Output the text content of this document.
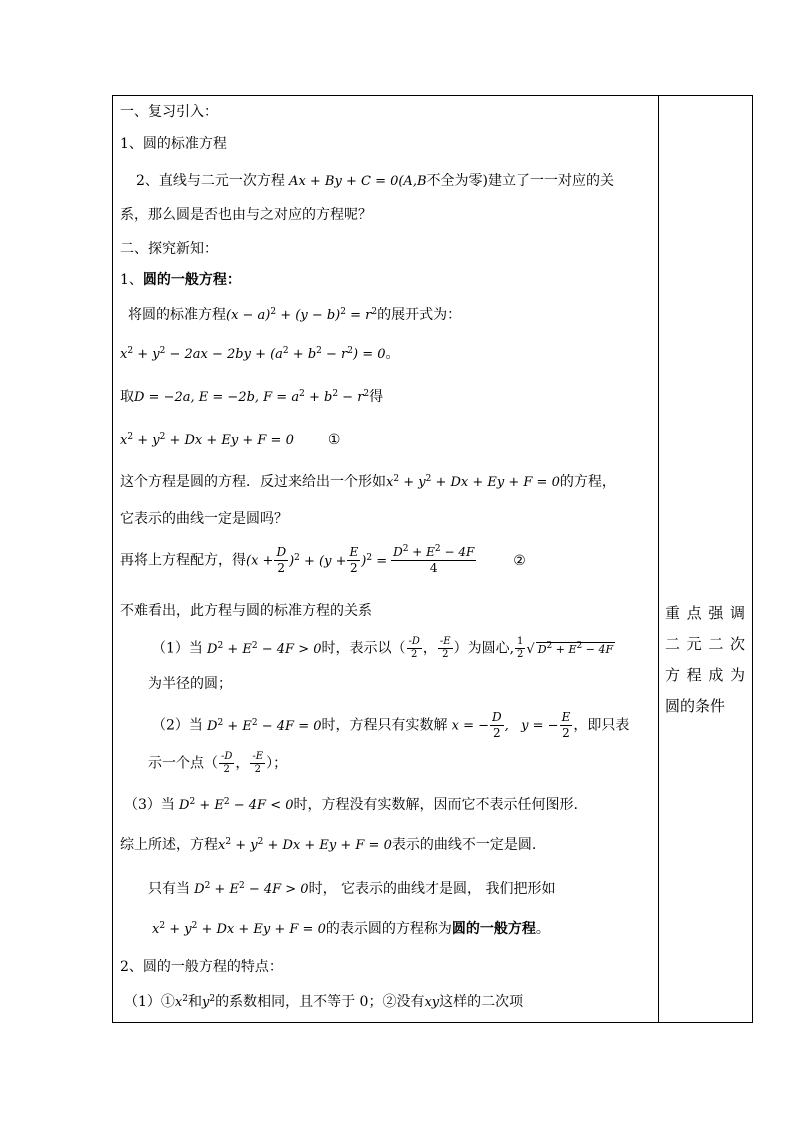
一、复习引入：
1、圆的标准方程
2、直线与二元一次方程 Ax + By + C = 0(A,B不全为零)建立了一一对应的关
系，那么圆是否也由与之对应的方程呢？
二、探究新知：
1、圆的一般方程：
将圆的标准方程$(x - a)^2 + (y - b)^2 = r^2$的展开式为：
$x^2 + y^2 - 2ax - 2by + (a^2 + b^2 - r^2) = 0$。
取D = −2a, E = −2b, $F = a^2 + b^2 - r^2$得
$x^2 + y^2 + Dx + Ey + F = 0$ ①
这个方程是圆的方程．反过来给出一个形如$x^2 + y^2 + Dx + Ey + F = 0$的方程，
它表示的曲线一定是圆吗？
再将上方程配方，得$(x + \frac{D}{2} )^2 + (y + \frac{E}{2} )^2 = \frac{D^2 + E^2 - 4F}{4}$	②
不难看出，此方程与圆的标准方程的关系
（1）当 $D^2 + E^2 - 4F > 0$时，表示以（ $\frac{-D}{2}$ ， $\frac{-E}{2}$ ）为圆心, $\frac{1}{2}$ √ $D^2 + E^2 - 4F$
为半径的圆；
（2）当 $D^2 + E^2 - 4F = 0$时，方程只有实数解 x = − $\frac{D}{2}$ ,   y = − $\frac{E}{2}$ ，即只表
示一个点（ $\frac{-D}{2}$ ， $\frac{-E}{2}$ ）；
（3）当 $D^2 + E^2 - 4F < 0$时，方程没有实数解，因而它不表示任何图形.
综上所述，方程$x^2 + y^2 + Dx + Ey + F = 0$表示的曲线不一定是圆.
只有当 $D^2 + E^2 - 4F > 0$时， 它表示的曲线才是圆， 我们把形如
$x^2 + y^2 + Dx + Ey + F = 0$的表示圆的方程称为圆的一般方程。
2、圆的一般方程的特点：
$(1)①x^2$和$y^2$的系数相同，且不等于 0；②没有xy这样的二次项
重 点 强 调
二 元 二 次
方 程 成 为
圆的条件
